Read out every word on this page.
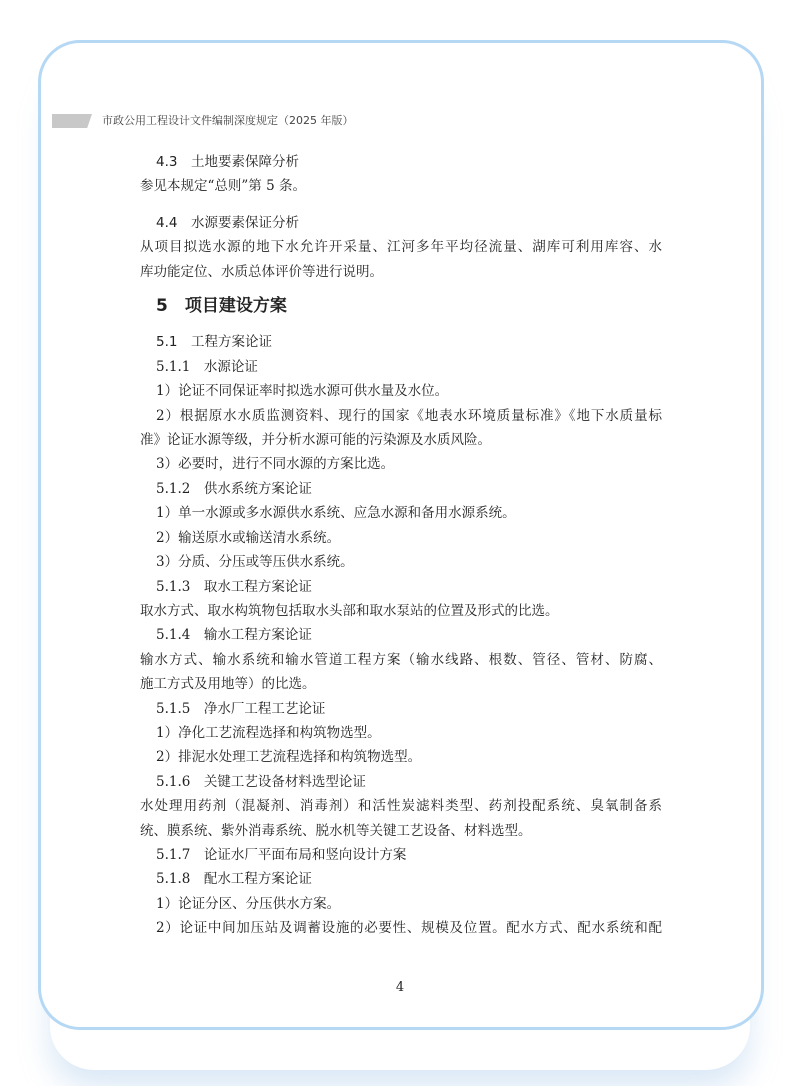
市政公用工程设计文件编制深度规定（2025 年版）
4.3　土地要素保障分析
参见本规定“总则”第 5 条。
4.4　水源要素保证分析
从项目拟选水源的地下水允许开采量、江河多年平均径流量、湖库可利用库容、水
库功能定位、水质总体评价等进行说明。
5　项目建设方案
5.1　工程方案论证
5.1.1　水源论证
1）论证不同保证率时拟选水源可供水量及水位。
2）根据原水水质监测资料、现行的国家《地表水环境质量标准》《地下水质量标
准》论证水源等级，并分析水源可能的污染源及水质风险。
3）必要时，进行不同水源的方案比选。
5.1.2　供水系统方案论证
1）单一水源或多水源供水系统、应急水源和备用水源系统。
2）输送原水或输送清水系统。
3）分质、分压或等压供水系统。
5.1.3　取水工程方案论证
取水方式、取水构筑物包括取水头部和取水泵站的位置及形式的比选。
5.1.4　输水工程方案论证
输水方式、输水系统和输水管道工程方案（输水线路、根数、管径、管材、防腐、
施工方式及用地等）的比选。
5.1.5　净水厂工程工艺论证
1）净化工艺流程选择和构筑物选型。
2）排泥水处理工艺流程选择和构筑物选型。
5.1.6　关键工艺设备材料选型论证
水处理用药剂（混凝剂、消毒剂）和活性炭滤料类型、药剂投配系统、臭氧制备系
统、膜系统、紫外消毒系统、脱水机等关键工艺设备、材料选型。
5.1.7　论证水厂平面布局和竖向设计方案
5.1.8　配水工程方案论证
1）论证分区、分压供水方案。
2）论证中间加压站及调蓄设施的必要性、规模及位置。配水方式、配水系统和配
4
